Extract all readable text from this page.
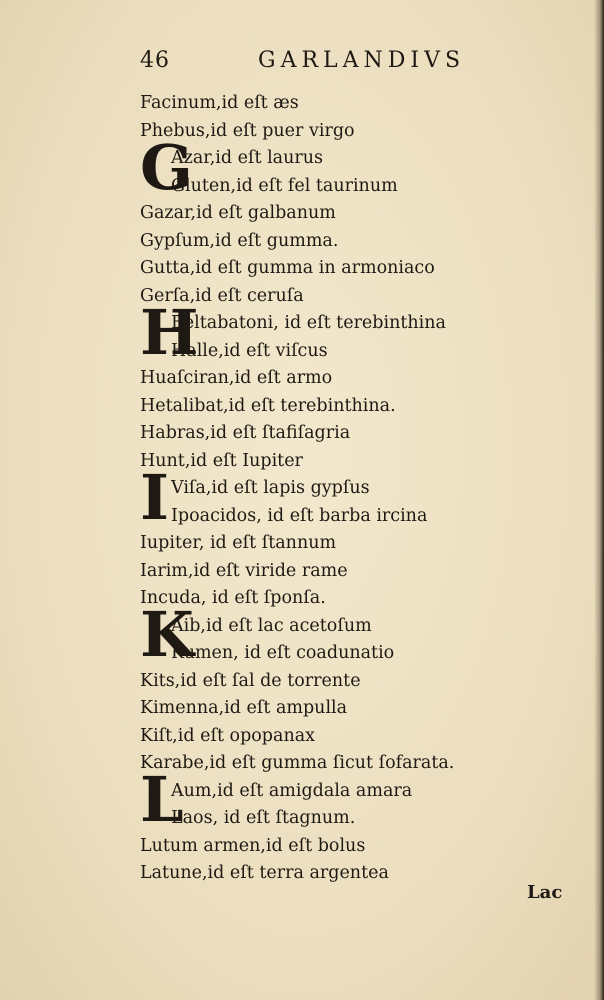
46	GARLANDIVS
G
H
I
K
L
Facinum,id eſt æs
Phebus,id eſt puer virgo
Azar,id eſt laurus
Gluten,id eſt fel taurinum
Gazar,id eſt galbanum
Gypſum,id eſt gumma.
Gutta,id eſt gumma in armoniaco
Gerſa,id eſt ceruſa
Eeltabatoni, id eſt terebinthina
Halle,id eſt viſcus
Huaſciran,id eſt armo
Hetalibat,id eſt terebinthina.
Habras,id eſt ſtafiſagria
Hunt,id eſt Iupiter
Viſa,id eſt lapis gypſus
Ipoacidos, id eſt barba ircina
Iupiter, id eſt ſtannum
Iarim,id eſt viride rame
Incuda, id eſt ſponſa.
Aib,id eſt lac acetoſum
Kumen, id eſt coadunatio
Kits,id eſt ſal de torrente
Kimenna,id eſt ampulla
Kiſt,id eſt opopanax
Karabe,id eſt gumma ſicut ſofarata.
Aum,id eſt amigdala amara
Laos, id eſt ſtagnum.
Lutum armen,id eſt bolus
Latune,id eſt terra argentea
Lac
